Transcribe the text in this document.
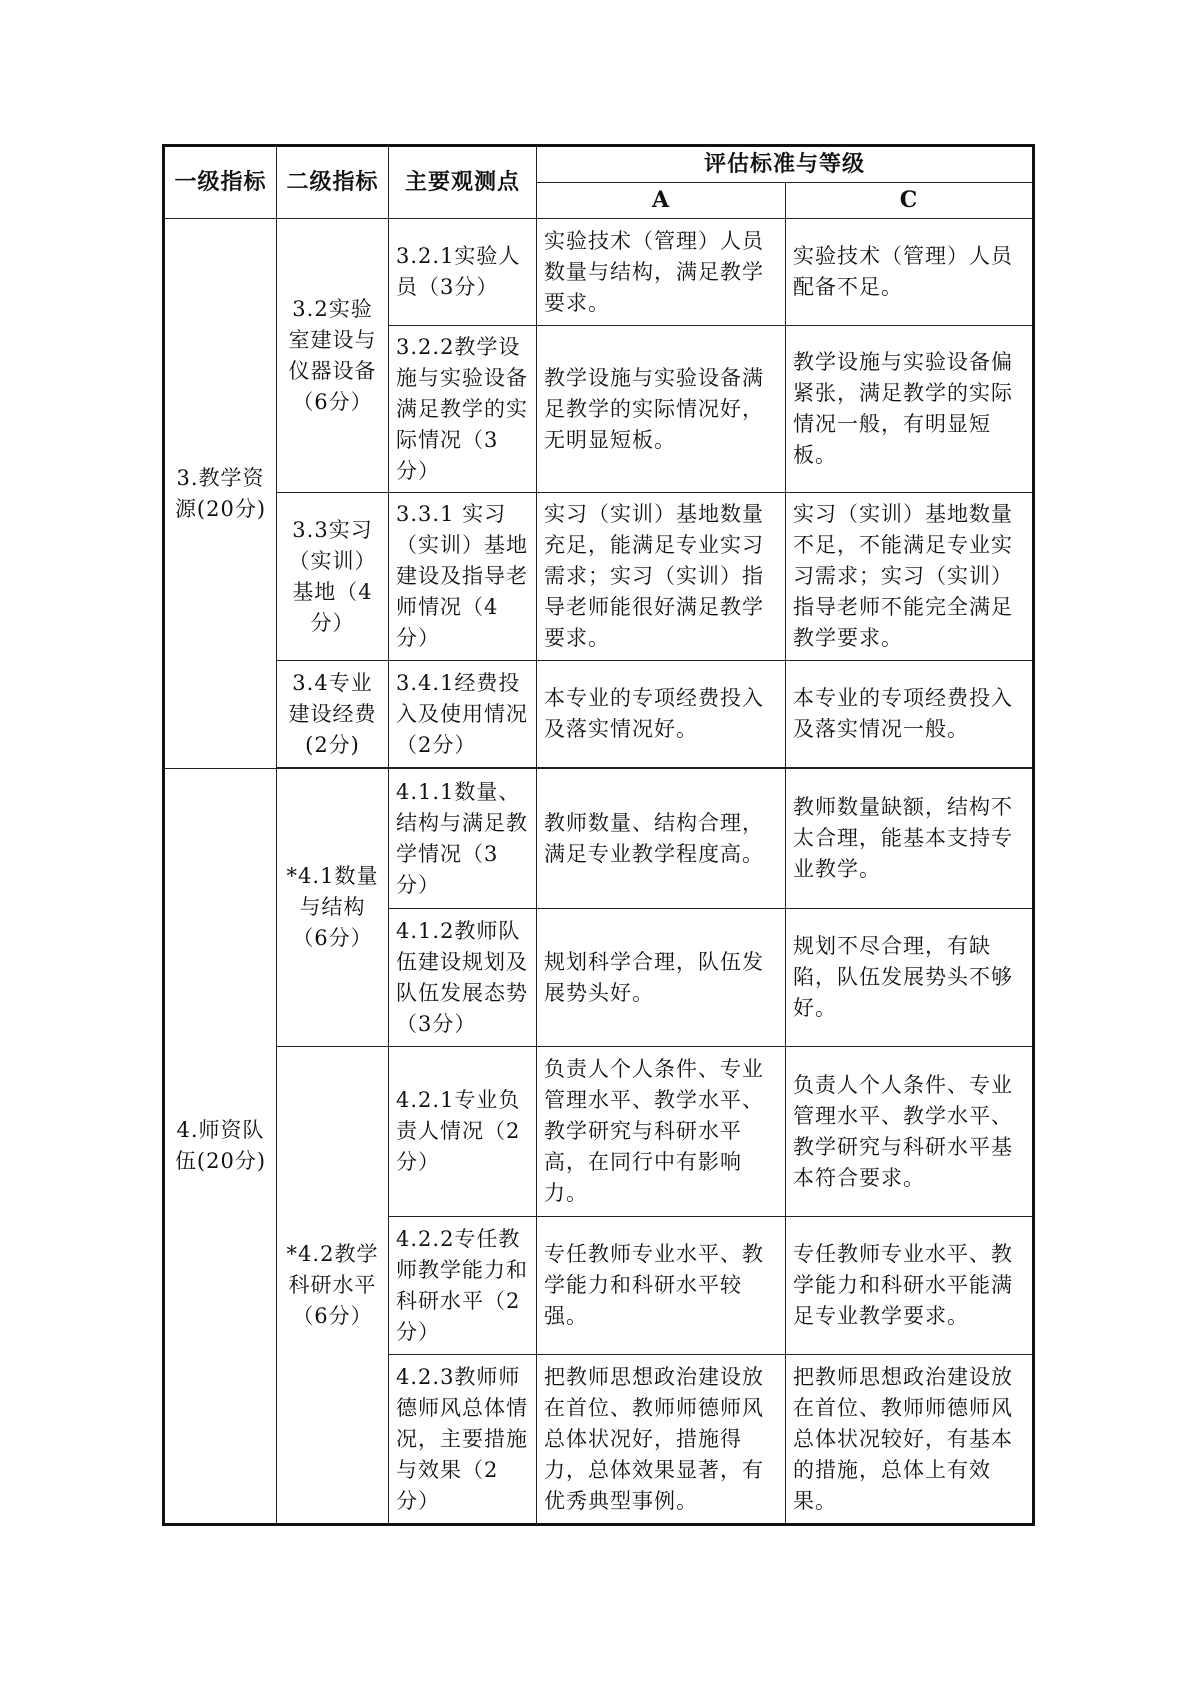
一级指标	二级指标	主要观测点	评估标准与等级	
			A	C
3.教学资源(20分)	3.2实验室建设与仪器设备（6分）	3.2.1实验人员（3分）	实验技术（管理）人员数量与结构，满足教学要求。	实验技术（管理）人员配备不足。
		3.2.2教学设施与实验设备满足教学的实际情况（3分）	教学设施与实验设备满足教学的实际情况好，无明显短板。	教学设施与实验设备偏紧张，满足教学的实际情况一般，有明显短板。
	3.3实习（实训）基地（4分）	3.3.1 实习（实训）基地建设及指导老师情况（4分）	实习（实训）基地数量充足，能满足专业实习需求；实习（实训）指导老师能很好满足教学要求。	实习（实训）基地数量不足，不能满足专业实习需求；实习（实训）指导老师不能完全满足教学要求。
	3.4专业建设经费(2分)	3.4.1经费投入及使用情况（2分）	本专业的专项经费投入及落实情况好。	本专业的专项经费投入及落实情况一般。

4.师资队伍(20分)	*4.1数量与结构（6分）	4.1.1数量、结构与满足教学情况（3分）	教师数量、结构合理，满足专业教学程度高。	教师数量缺额，结构不太合理，能基本支持专业教学。
		4.1.2教师队伍建设规划及队伍发展态势（3分）	规划科学合理，队伍发展势头好。	规划不尽合理，有缺陷，队伍发展势头不够好。
	*4.2教学科研水平（6分）	4.2.1专业负责人情况（2分）	负责人个人条件、专业管理水平、教学水平、教学研究与科研水平高，在同行中有影响力。	负责人个人条件、专业管理水平、教学水平、教学研究与科研水平基本符合要求。
		4.2.2专任教师教学能力和科研水平（2分）	专任教师专业水平、教学能力和科研水平较强。	专任教师专业水平、教学能力和科研水平能满足专业教学要求。
		4.2.3教师师德师风总体情况，主要措施与效果（2分）	把教师思想政治建设放在首位、教师师德师风总体状况好，措施得力，总体效果显著，有优秀典型事例。	把教师思想政治建设放在首位、教师师德师风总体状况较好，有基本的措施，总体上有效果。
